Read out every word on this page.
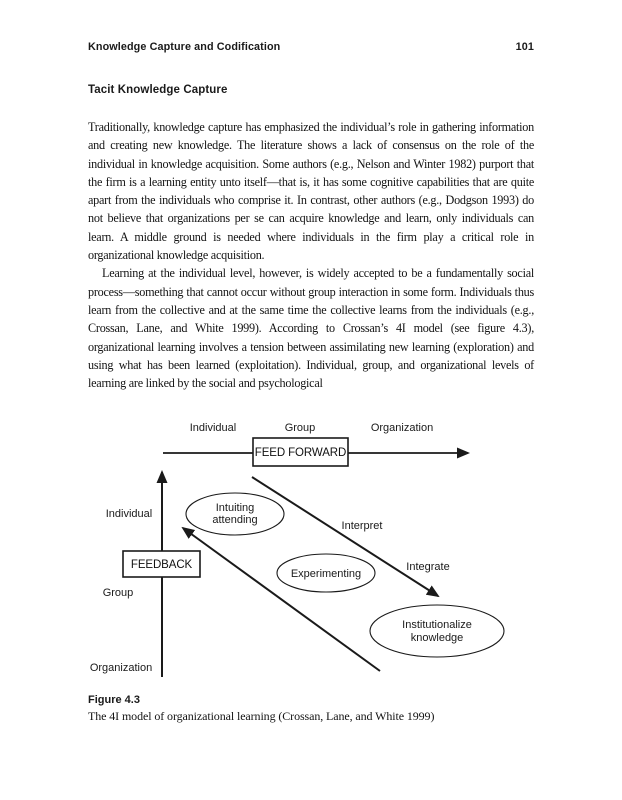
Knowledge Capture and Codification	101
Tacit Knowledge Capture

Traditionally, knowledge capture has emphasized the individual’s role in gathering information and creating new knowledge. The literature shows a lack of consensus on the role of the individual in knowledge acquisition. Some authors (e.g., Nelson and Winter 1982) purport that the firm is a learning entity unto itself—that is, it has some cognitive capabilities that are quite apart from the individuals who comprise it. In contrast, other authors (e.g., Dodgson 1993) do not believe that organizations per se can acquire knowledge and learn, only individuals can learn. A middle ground is needed where individuals in the firm play a critical role in organizational knowledge acquisition.

Learning at the individual level, however, is widely accepted to be a fundamentally social process—something that cannot occur without group interaction in some form. Individuals thus learn from the collective and at the same time the collective learns from the individuals (e.g., Crossan, Lane, and White 1999). According to Crossan’s 4I model (see figure 4.3), organizational learning involves a tension between assimilating new learning (exploration) and using what has been learned (exploitation). Individual, group, and organizational levels of learning are linked by the social and psychological

Individual	Group	Organization
FEED FORWARD
FEEDBACK
Individual
Group
Organization
Interpret
Integrate
Intuiting
attending
Experimenting
Institutionalize
knowledge
Figure 4.3
The 4I model of organizational learning (Crossan, Lane, and White 1999)
